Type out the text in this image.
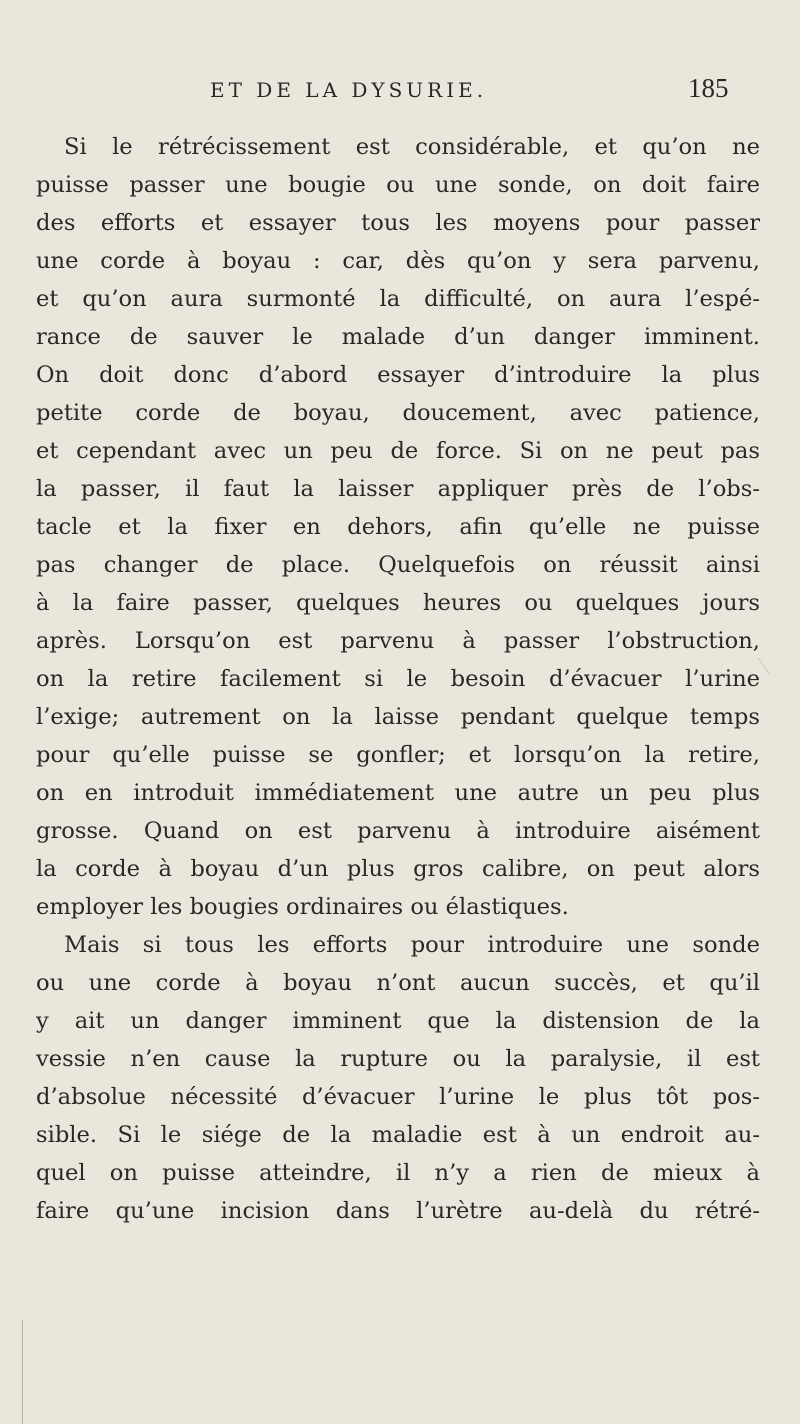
ET DE LA DYSURIE.	185
Si le rétrécissement est considérable, et qu’on ne
puisse passer une bougie ou une sonde, on doit faire
des efforts et essayer tous les moyens pour passer
une corde à boyau : car, dès qu’on y sera parvenu,
et qu’on aura surmonté la difficulté, on aura l’espé-
rance de sauver le malade d’un danger imminent.
On doit donc d’abord essayer d’introduire la plus
petite corde de boyau, doucement, avec patience,
et cependant avec un peu de force. Si on ne peut pas
la passer, il faut la laisser appliquer près de l’obs-
tacle et la fixer en dehors, afin qu’elle ne puisse
pas changer de place. Quelquefois on réussit ainsi
à la faire passer, quelques heures ou quelques jours
après. Lorsqu’on est parvenu à passer l’obstruction,
on la retire facilement si le besoin d’évacuer l’urine
l’exige; autrement on la laisse pendant quelque temps
pour qu’elle puisse se gonfler; et lorsqu’on la retire,
on en introduit immédiatement une autre un peu plus
grosse. Quand on est parvenu à introduire aisément
la corde à boyau d’un plus gros calibre, on peut alors
employer les bougies ordinaires ou élastiques.
Mais si tous les efforts pour introduire une sonde
ou une corde à boyau n’ont aucun succès, et qu’il
y ait un danger imminent que la distension de la
vessie n’en cause la rupture ou la paralysie, il est
d’absolue nécessité d’évacuer l’urine le plus tôt pos-
sible. Si le siége de la maladie est à un endroit au-
quel on puisse atteindre, il n’y a rien de mieux à
faire qu’une incision dans l’urètre au-delà du rétré-
